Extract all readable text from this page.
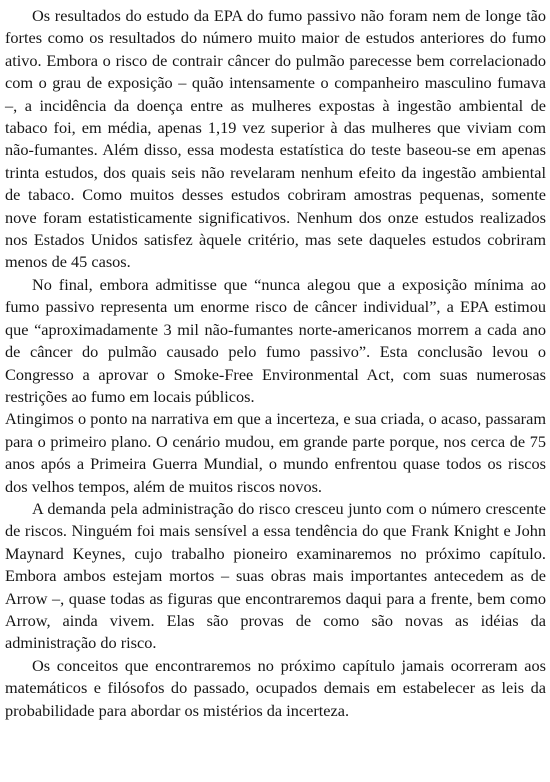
Os resultados do estudo da EPA do fumo passivo não foram nem de longe tão fortes como os resultados do número muito maior de estudos anteriores do fumo ativo. Embora o risco de contrair câncer do pulmão parecesse bem correlacionado com o grau de exposição – quão intensamente o companheiro masculino fumava –, a incidência da doença entre as mulheres expostas à ingestão ambiental de tabaco foi, em média, apenas 1,19 vez superior à das mulheres que viviam com não-fumantes. Além disso, essa modesta estatística do teste baseou-se em apenas trinta estudos, dos quais seis não revelaram nenhum efeito da ingestão ambiental de tabaco. Como muitos desses estudos cobriram amostras pequenas, somente nove foram estatisticamente significativos. Nenhum dos onze estudos realizados nos Estados Unidos satisfez àquele critério, mas sete daqueles estudos cobriram menos de 45 casos.

No final, embora admitisse que “nunca alegou que a exposição mínima ao fumo passivo representa um enorme risco de câncer individual”, a EPA estimou que “aproximadamente 3 mil não-fumantes norte-americanos morrem a cada ano de câncer do pulmão causado pelo fumo passivo”. Esta conclusão levou o Congresso a aprovar o Smoke-Free Environmental Act, com suas numerosas restrições ao fumo em locais públicos.

Atingimos o ponto na narrativa em que a incerteza, e sua criada, o acaso, passaram para o primeiro plano. O cenário mudou, em grande parte porque, nos cerca de 75 anos após a Primeira Guerra Mundial, o mundo enfrentou quase todos os riscos dos velhos tempos, além de muitos riscos novos.

A demanda pela administração do risco cresceu junto com o número crescente de riscos. Ninguém foi mais sensível a essa tendência do que Frank Knight e John Maynard Keynes, cujo trabalho pioneiro examinaremos no próximo capítulo. Embora ambos estejam mortos – suas obras mais importantes antecedem as de Arrow –, quase todas as figuras que encontraremos daqui para a frente, bem como Arrow, ainda vivem. Elas são provas de como são novas as idéias da administração do risco.

Os conceitos que encontraremos no próximo capítulo jamais ocorreram aos matemáticos e filósofos do passado, ocupados demais em estabelecer as leis da probabilidade para abordar os mistérios da incerteza.
